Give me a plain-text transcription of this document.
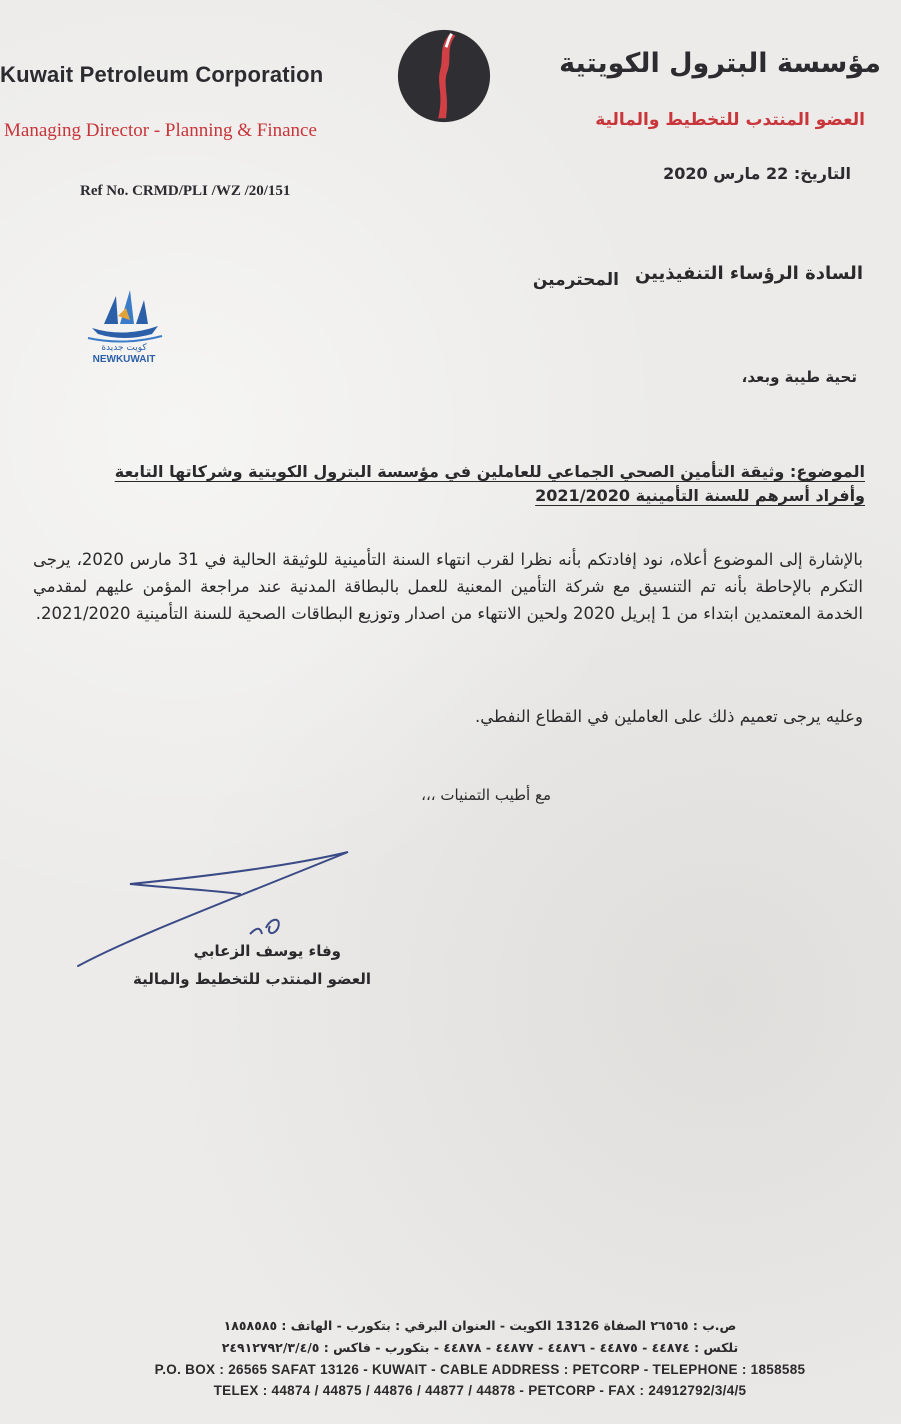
Kuwait Petroleum Corporation
Managing Director - Planning & Finance
Ref No. CRMD/PLI /WZ /20/151
مؤسسة البترول الكويتية
العضو المنتدب للتخطيط والمالية
التاريخ: 22 مارس 2020
كويت جديدة
NEWKUWAIT
السادة الرؤساء التنفيذيين
المحترمين
تحية طيبة وبعد،
الموضوع: وثيقة التأمين الصحي الجماعي للعاملين في مؤسسة البترول الكويتية وشركاتها التابعة
وأفراد أسرهم للسنة التأمينية 2021/2020
بالإشارة إلى الموضوع أعلاه، نود إفادتكم بأنه نظرا لقرب انتهاء السنة التأمينية للوثيقة الحالية في 31 مارس 2020، يرجى التكرم بالإحاطة بأنه تم التنسيق مع شركة التأمين المعنية للعمل بالبطاقة المدنية عند مراجعة المؤمن عليهم لمقدمي الخدمة المعتمدين ابتداء من 1 إبريل 2020 ولحين الانتهاء من اصدار وتوزيع البطاقات الصحية للسنة التأمينية 2021/2020.
وعليه يرجى تعميم ذلك على العاملين في القطاع النفطي.
مع أطيب التمنيات ،،،
وفاء يوسف الزعابي
العضو المنتدب للتخطيط والمالية
ص.ب : ٢٦٥٦٥ الصفاة 13126 الكويت - العنوان البرقي : بتكورب - الهاتف : ١٨٥٨٥٨٥
تلكس : ٤٤٨٧٤ - ٤٤٨٧٥ - ٤٤٨٧٦ - ٤٤٨٧٧ - ٤٤٨٧٨ - بتكورب - فاكس : ٢٤٩١٢٧٩٢/٣/٤/٥
P.O. BOX : 26565 SAFAT 13126 - KUWAIT - CABLE ADDRESS : PETCORP - TELEPHONE : 1858585
TELEX : 44874 / 44875 / 44876 / 44877 / 44878 - PETCORP - FAX : 24912792/3/4/5
